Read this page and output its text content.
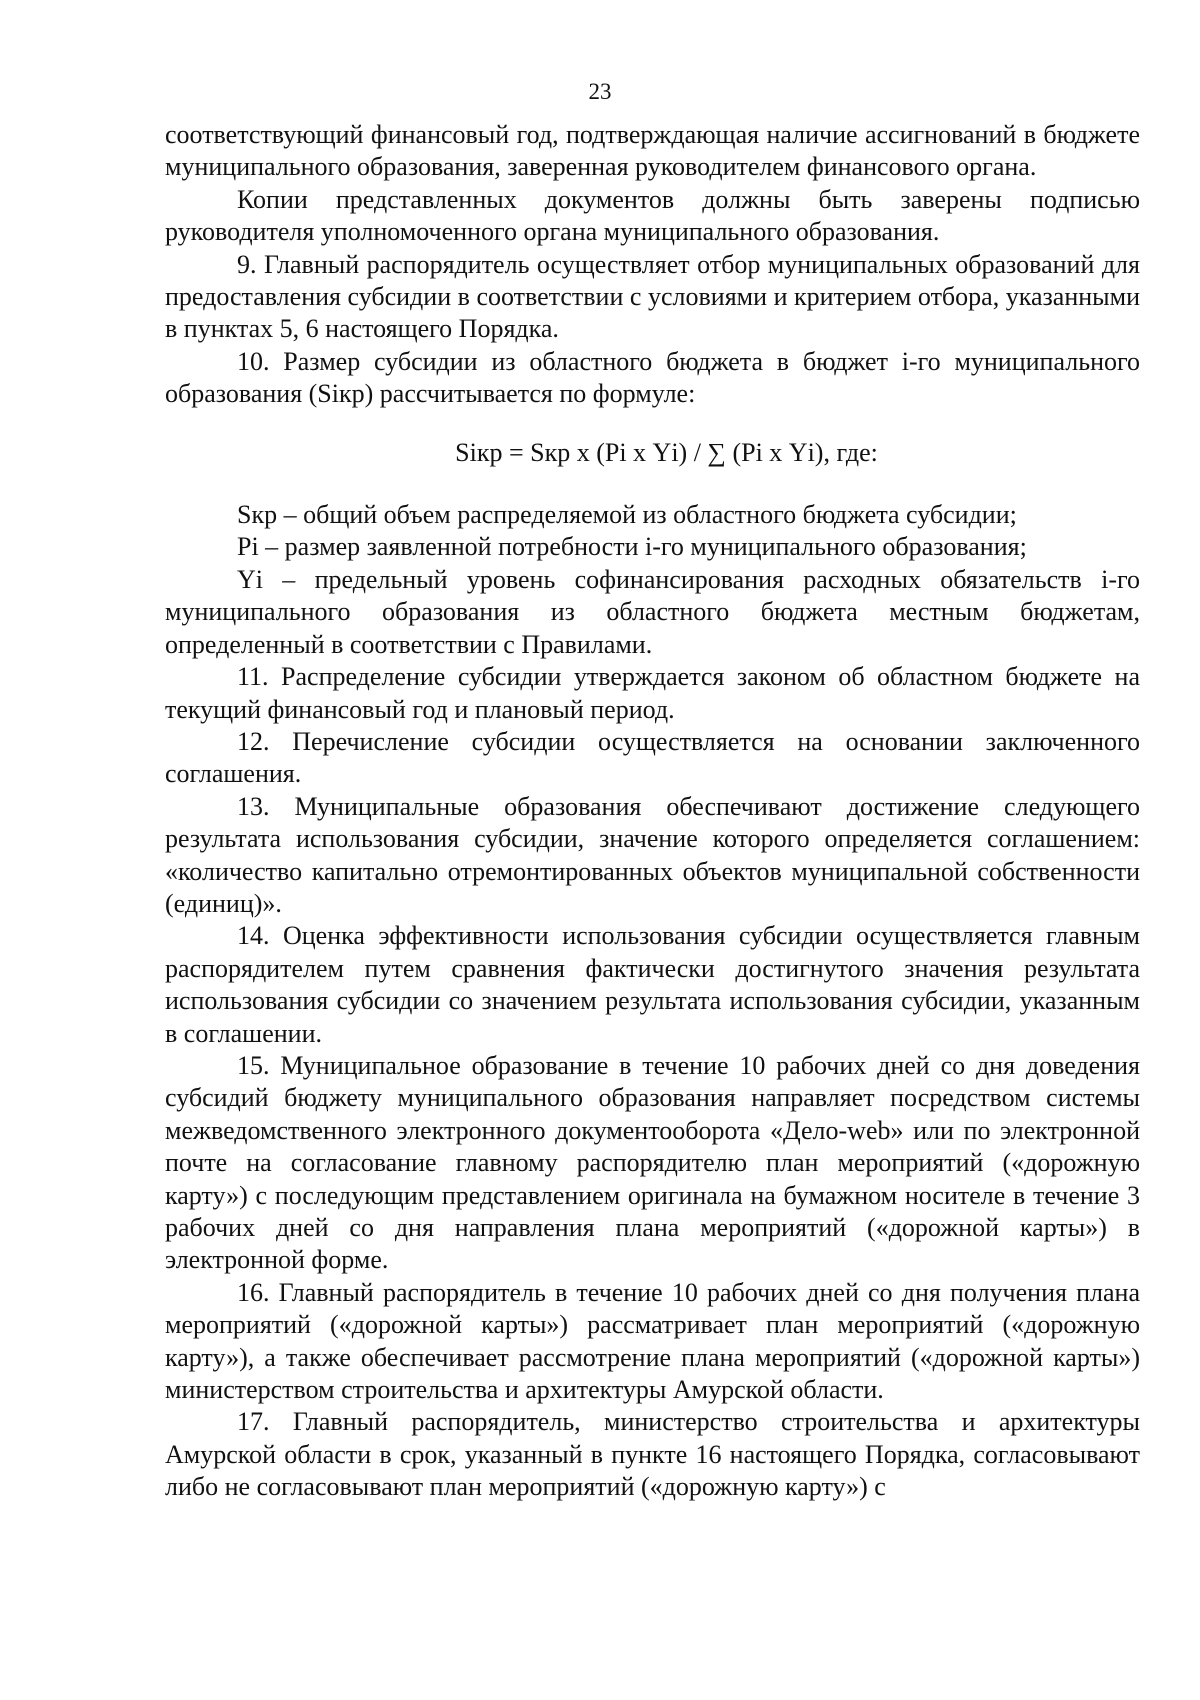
23

соответствующий финансовый год, подтверждающая наличие ассигнований в бюджете муниципального образования, заверенная руководителем финансового органа.

Копии представленных документов должны быть заверены подписью руководителя уполномоченного органа муниципального образования.

9. Главный распорядитель осуществляет отбор муниципальных образований для предоставления субсидии в соответствии с условиями и критерием отбора, указанными в пунктах 5, 6 настоящего Порядка.

10. Размер субсидии из областного бюджета в бюджет i-го муниципального образования (Sікр) рассчитывается по формуле:

Sікр = Sкр х (Рі х Yі) / ∑ (Рі х Yі), где:

Sкр – общий объем распределяемой из областного бюджета субсидии;

Рі – размер заявленной потребности i-го муниципального образования;

Yі – предельный уровень софинансирования расходных обязательств i-го муниципального образования из областного бюджета местным бюджетам, определенный в соответствии с Правилами.

11. Распределение субсидии утверждается законом об областном бюджете на текущий финансовый год и плановый период.

12. Перечисление субсидии осуществляется на основании заключенного соглашения.

13. Муниципальные образования обеспечивают достижение следующего результата использования субсидии, значение которого определяется соглашением: «количество капитально отремонтированных объектов муниципальной собственности (единиц)».

14. Оценка эффективности использования субсидии осуществляется главным распорядителем путем сравнения фактически достигнутого значения результата использования субсидии со значением результата использования субсидии, указанным в соглашении.

15. Муниципальное образование в течение 10 рабочих дней со дня доведения субсидий бюджету муниципального образования направляет посредством системы межведомственного электронного документооборота «Дело-web» или по электронной почте на согласование главному распорядителю план мероприятий («дорожную карту») с последующим представлением оригинала на бумажном носителе в течение 3 рабочих дней со дня направления плана мероприятий («дорожной карты») в электронной форме.

16. Главный распорядитель в течение 10 рабочих дней со дня получения плана мероприятий («дорожной карты») рассматривает план мероприятий («дорожную карту»), а также обеспечивает рассмотрение плана мероприятий («дорожной карты») министерством строительства и архитектуры Амурской области.

17. Главный распорядитель, министерство строительства и архитектуры Амурской области в срок, указанный в пункте 16 настоящего Порядка, согласовывают либо не согласовывают план мероприятий («дорожную карту») с
